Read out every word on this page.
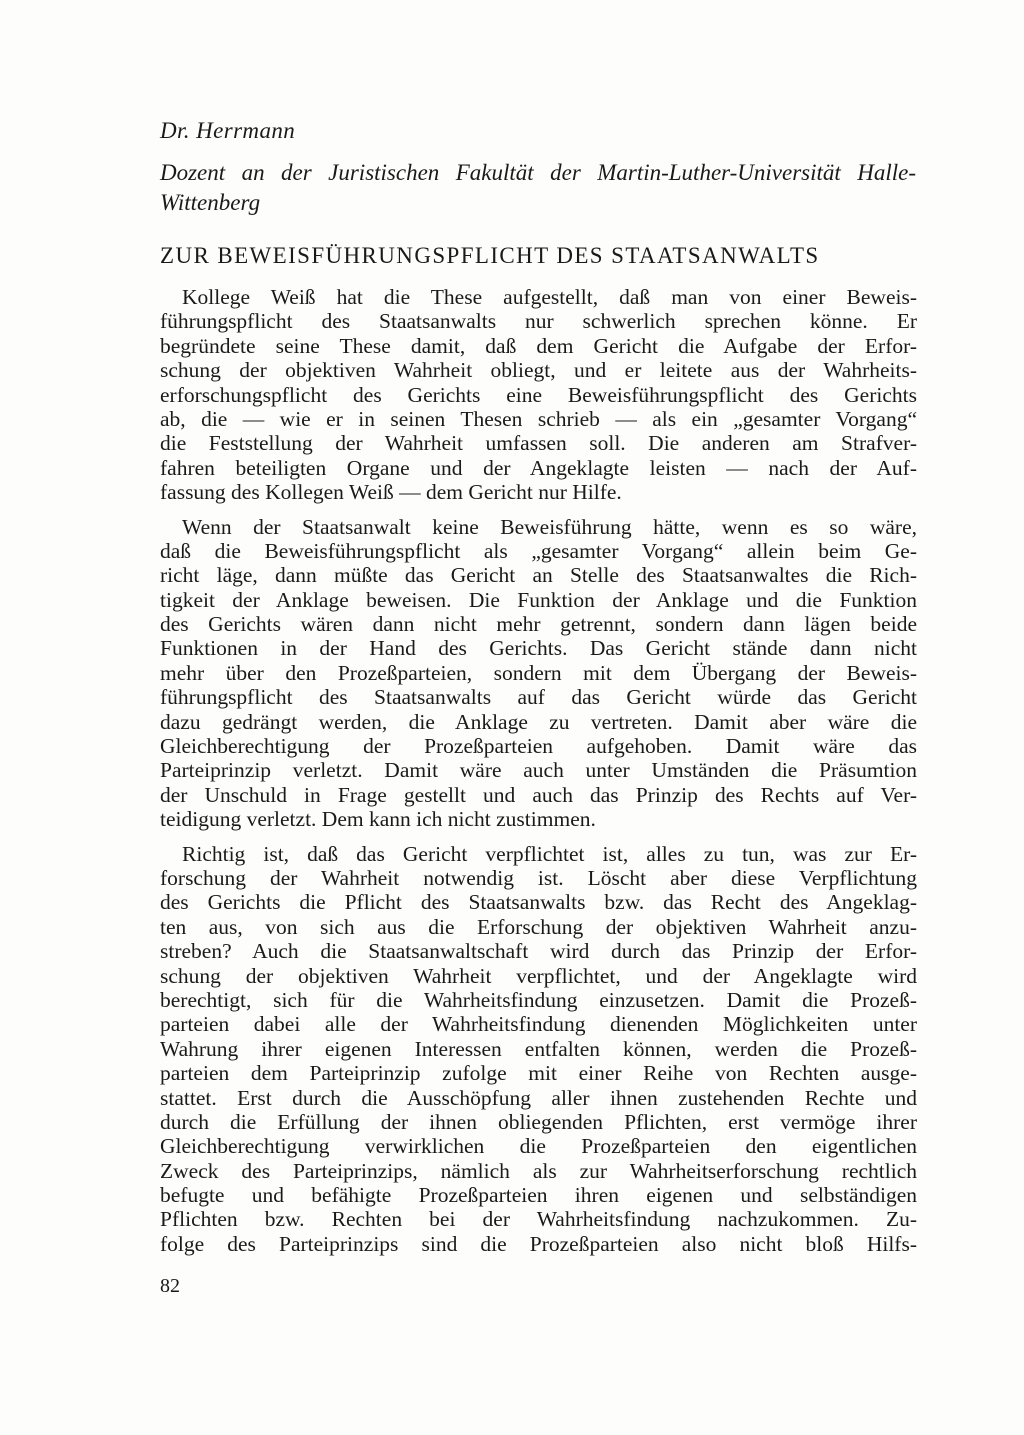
Dr. Herrmann
Dozent an der Juristischen Fakultät der Martin-Luther-Universität Halle-Wittenberg
ZUR BEWEISFÜHRUNGSPFLICHT DES STAATSANWALTS
Kollege Weiß hat die These aufgestellt, daß man von einer Beweis-
führungspflicht des Staatsanwalts nur schwerlich sprechen könne. Er
begründete seine These damit, daß dem Gericht die Aufgabe der Erfor-
schung der objektiven Wahrheit obliegt, und er leitete aus der Wahrheits-
erforschungspflicht des Gerichts eine Beweisführungspflicht des Gerichts
ab, die — wie er in seinen Thesen schrieb — als ein „gesamter Vorgang“
die Feststellung der Wahrheit umfassen soll. Die anderen am Strafver-
fahren beteiligten Organe und der Angeklagte leisten — nach der Auf-
fassung des Kollegen Weiß — dem Gericht nur Hilfe.
Wenn der Staatsanwalt keine Beweisführung hätte, wenn es so wäre,
daß die Beweisführungspflicht als „gesamter Vorgang“ allein beim Ge-
richt läge, dann müßte das Gericht an Stelle des Staatsanwaltes die Rich-
tigkeit der Anklage beweisen. Die Funktion der Anklage und die Funktion
des Gerichts wären dann nicht mehr getrennt, sondern dann lägen beide
Funktionen in der Hand des Gerichts. Das Gericht stände dann nicht
mehr über den Prozeßparteien, sondern mit dem Übergang der Beweis-
führungspflicht des Staatsanwalts auf das Gericht würde das Gericht
dazu gedrängt werden, die Anklage zu vertreten. Damit aber wäre die
Gleichberechtigung der Prozeßparteien aufgehoben. Damit wäre das
Parteiprinzip verletzt. Damit wäre auch unter Umständen die Präsumtion
der Unschuld in Frage gestellt und auch das Prinzip des Rechts auf Ver-
teidigung verletzt. Dem kann ich nicht zustimmen.
Richtig ist, daß das Gericht verpflichtet ist, alles zu tun, was zur Er-
forschung der Wahrheit notwendig ist. Löscht aber diese Verpflichtung
des Gerichts die Pflicht des Staatsanwalts bzw. das Recht des Angeklag-
ten aus, von sich aus die Erforschung der objektiven Wahrheit anzu-
streben? Auch die Staatsanwaltschaft wird durch das Prinzip der Erfor-
schung der objektiven Wahrheit verpflichtet, und der Angeklagte wird
berechtigt, sich für die Wahrheitsfindung einzusetzen. Damit die Prozeß-
parteien dabei alle der Wahrheitsfindung dienenden Möglichkeiten unter
Wahrung ihrer eigenen Interessen entfalten können, werden die Prozeß-
parteien dem Parteiprinzip zufolge mit einer Reihe von Rechten ausge-
stattet. Erst durch die Ausschöpfung aller ihnen zustehenden Rechte und
durch die Erfüllung der ihnen obliegenden Pflichten, erst vermöge ihrer
Gleichberechtigung verwirklichen die Prozeßparteien den eigentlichen
Zweck des Parteiprinzips, nämlich als zur Wahrheitserforschung rechtlich
befugte und befähigte Prozeßparteien ihren eigenen und selbständigen
Pflichten bzw. Rechten bei der Wahrheitsfindung nachzukommen. Zu-
folge des Parteiprinzips sind die Prozeßparteien also nicht bloß Hilfs-
82
